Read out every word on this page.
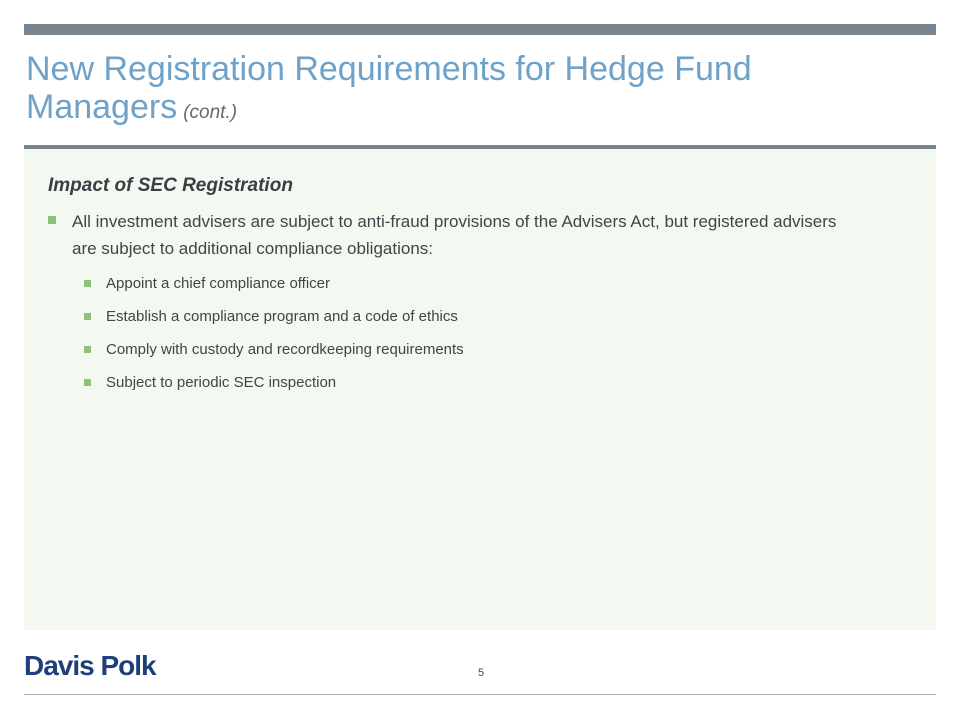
New Registration Requirements for Hedge Fund Managers (cont.)
Impact of SEC Registration
All investment advisers are subject to anti-fraud provisions of the Advisers Act, but registered advisers are subject to additional compliance obligations:
Appoint a chief compliance officer
Establish a compliance program and a code of ethics
Comply with custody and recordkeeping requirements
Subject to periodic SEC inspection
Davis Polk	5
